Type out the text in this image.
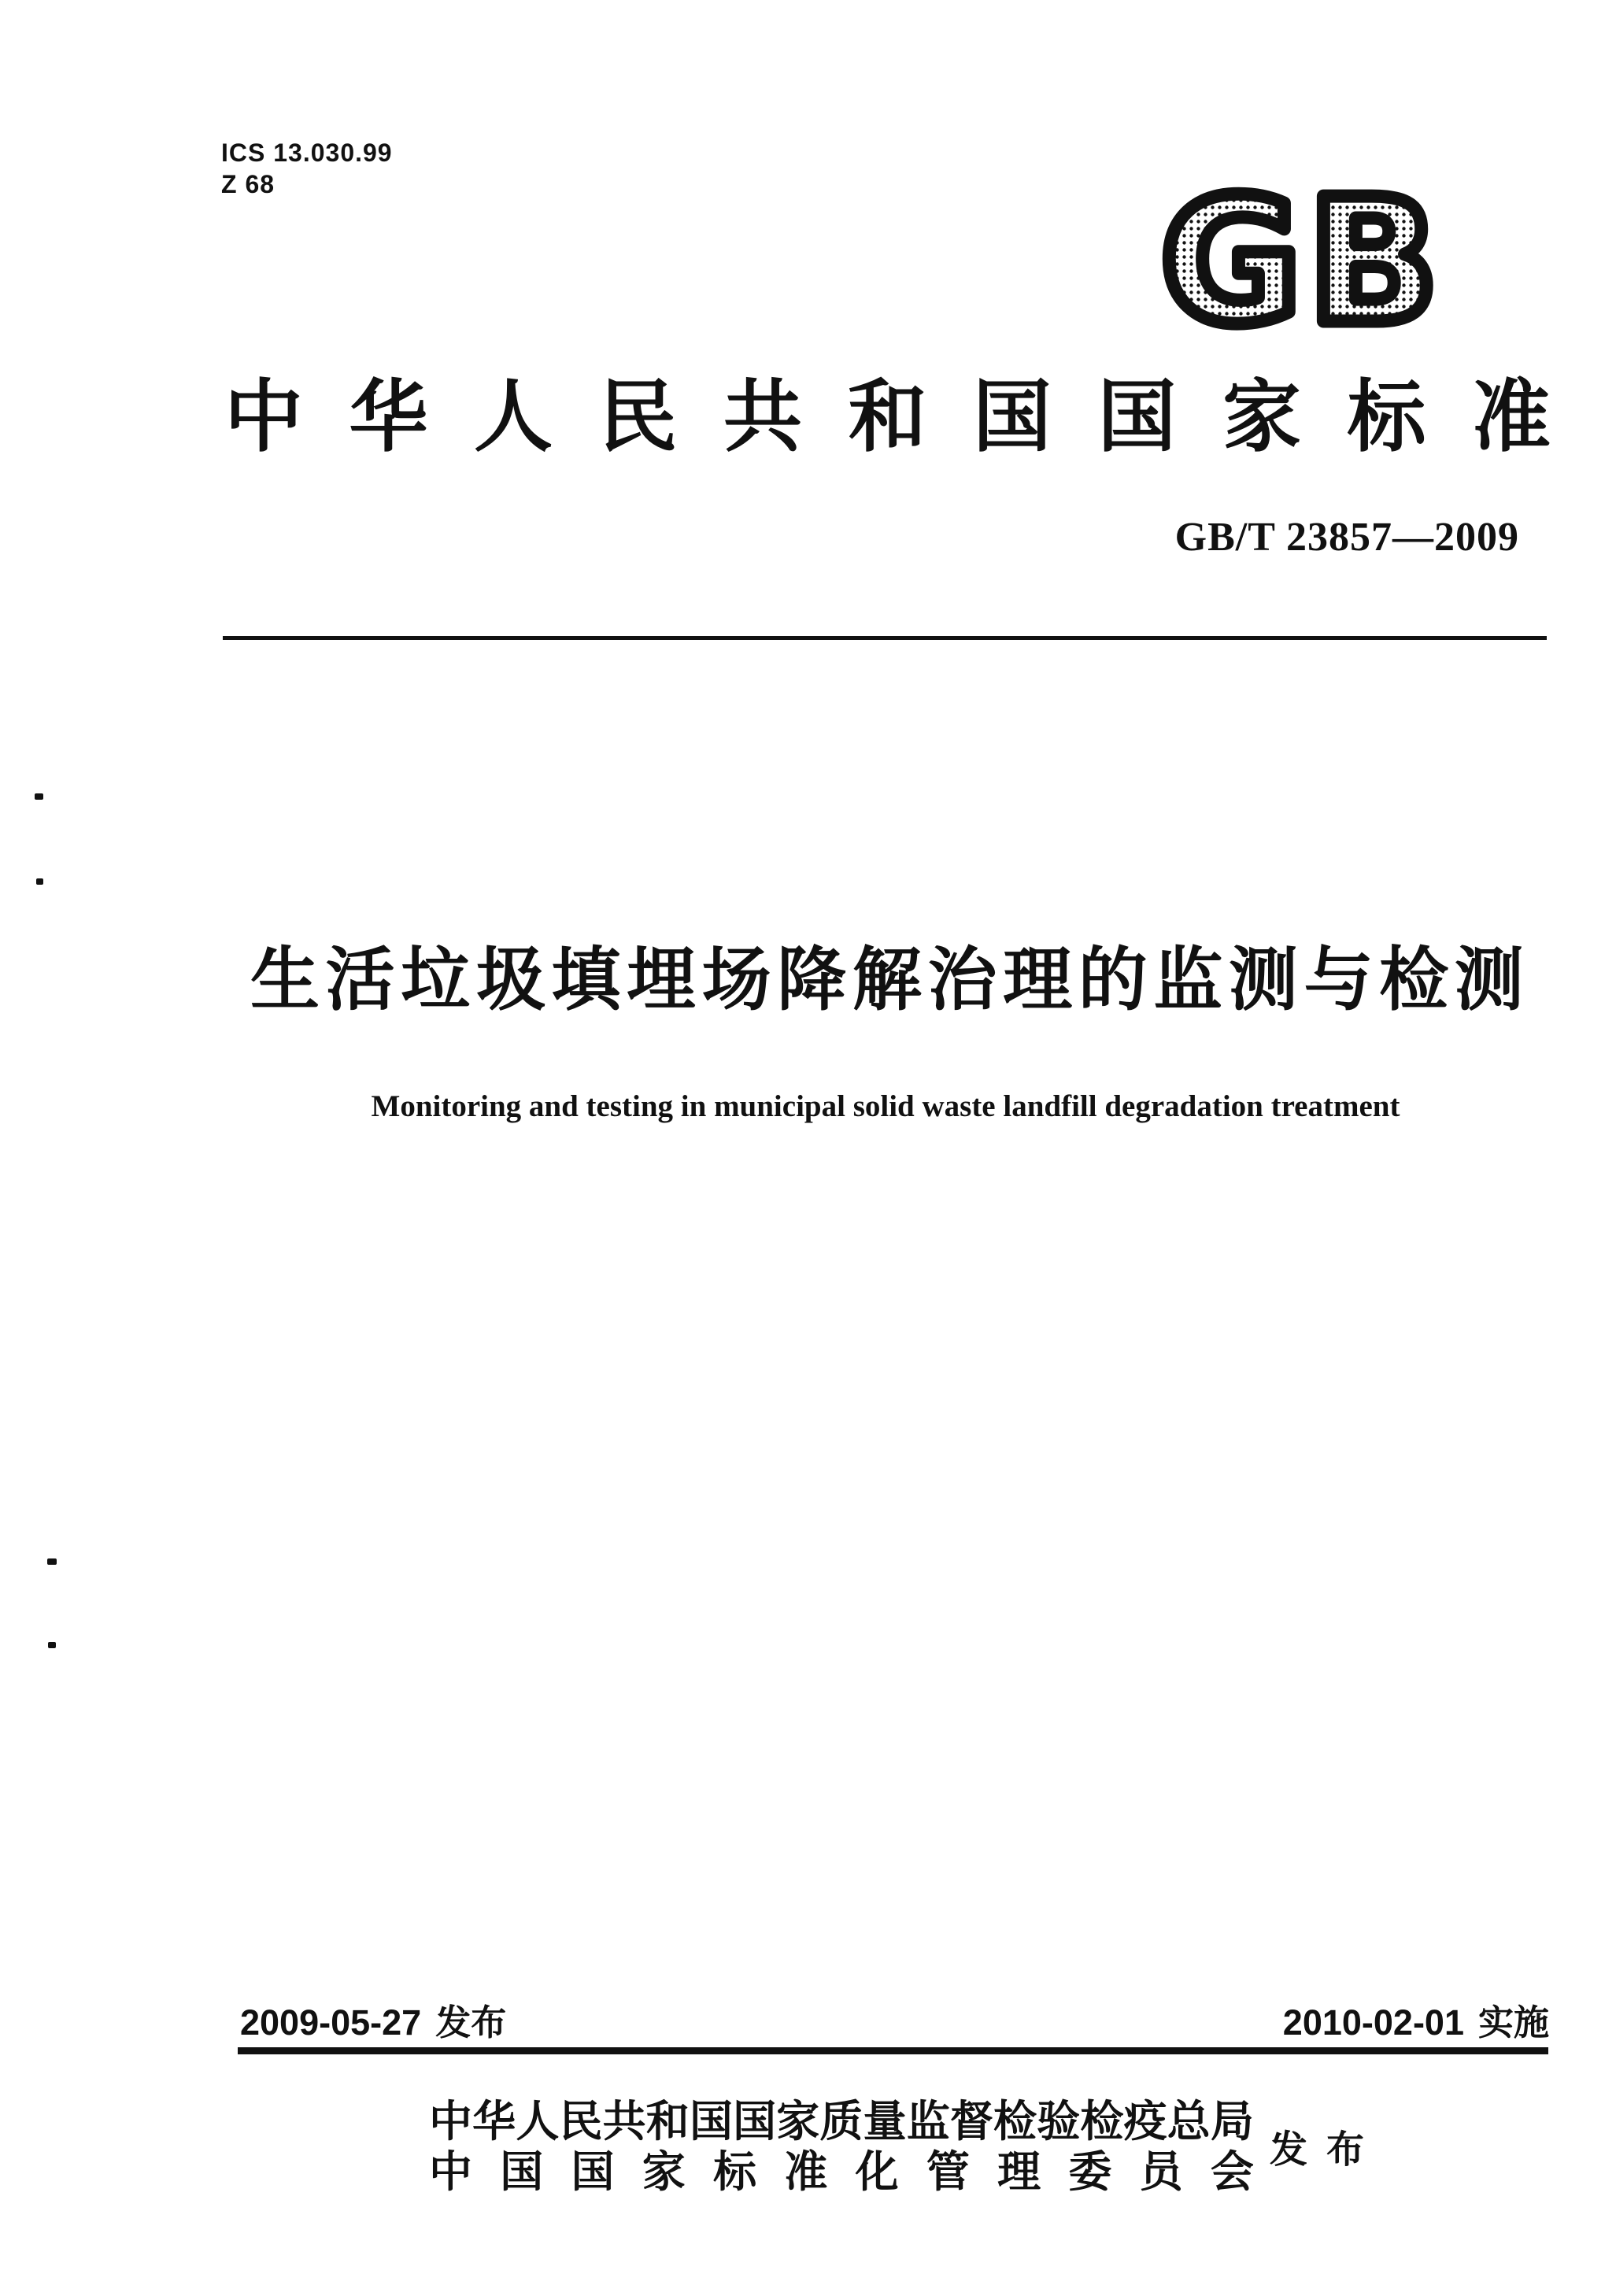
ICS 13.030.99
Z 68	GB
中 华 人 民 共 和 国 国 家 标 准
GB/T 23857—2009
生 活 垃 圾 填 埋 场 降 解 治 理 的 监 测 与 检 测
Monitoring and testing in municipal solid waste landfill degradation treatment
2009-05-27 发布	2010-02-01 实施
中 华 人 民 共 和 国 国 家 质 量 监 督 检 验 检 疫 总 局
中 国 国 家 标 准 化 管 理 委 员 会 发 布
